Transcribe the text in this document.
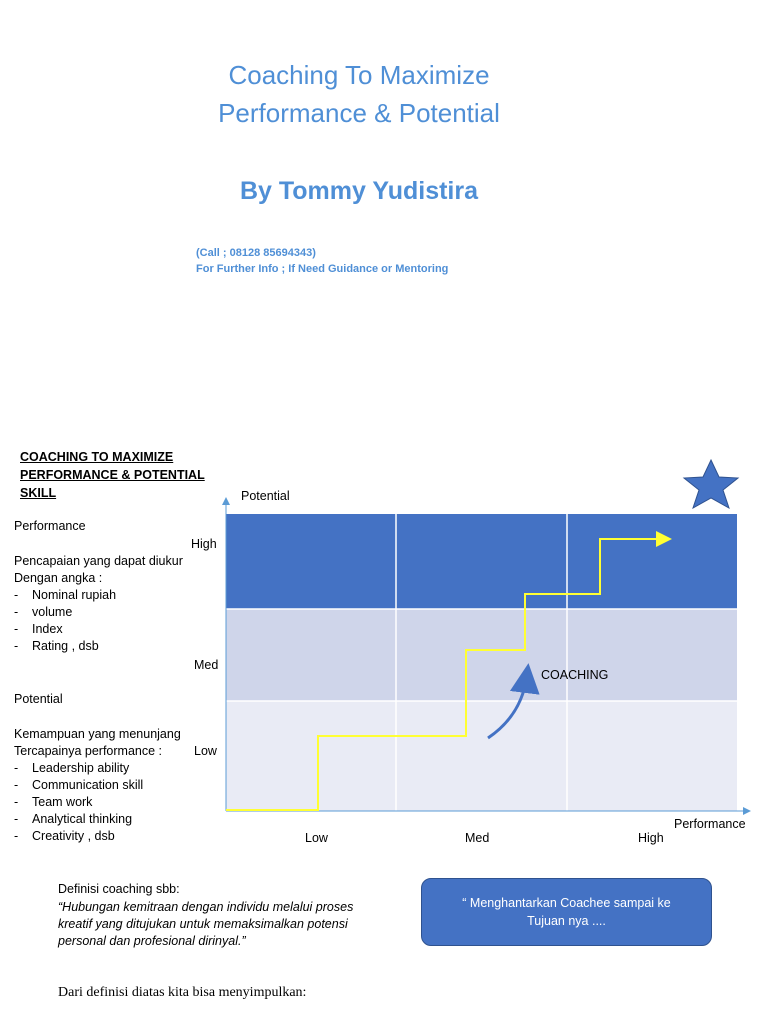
Coaching To Maximize
Performance & Potential
By Tommy Yudistira
(Call ; 08128 85694343)
For Further Info ; If Need Guidance or Mentoring
COACHING TO MAXIMIZE
PERFORMANCE & POTENTIAL
SKILL
Performance
Pencapaian yang dapat diukur
Dengan angka :
- Nominal rupiah
- volume
- Index
- Rating , dsb
Potential
Kemampuan yang menunjang
Tercapainya performance :
- Leadership ability
- Communication skill
- Team work
- Analytical thinking
- Creativity , dsb
Potential
Performance
High
Med
Low
Low	Med	High
COACHING
Definisi coaching sbb:
“Hubungan kemitraan dengan individu melalui proses
kreatif yang ditujukan untuk memaksimalkan potensi
personal dan profesional dirinyal.”
“ Menghantarkan Coachee sampai ke
Tujuan nya ....
Dari definisi diatas kita bisa menyimpulkan:
